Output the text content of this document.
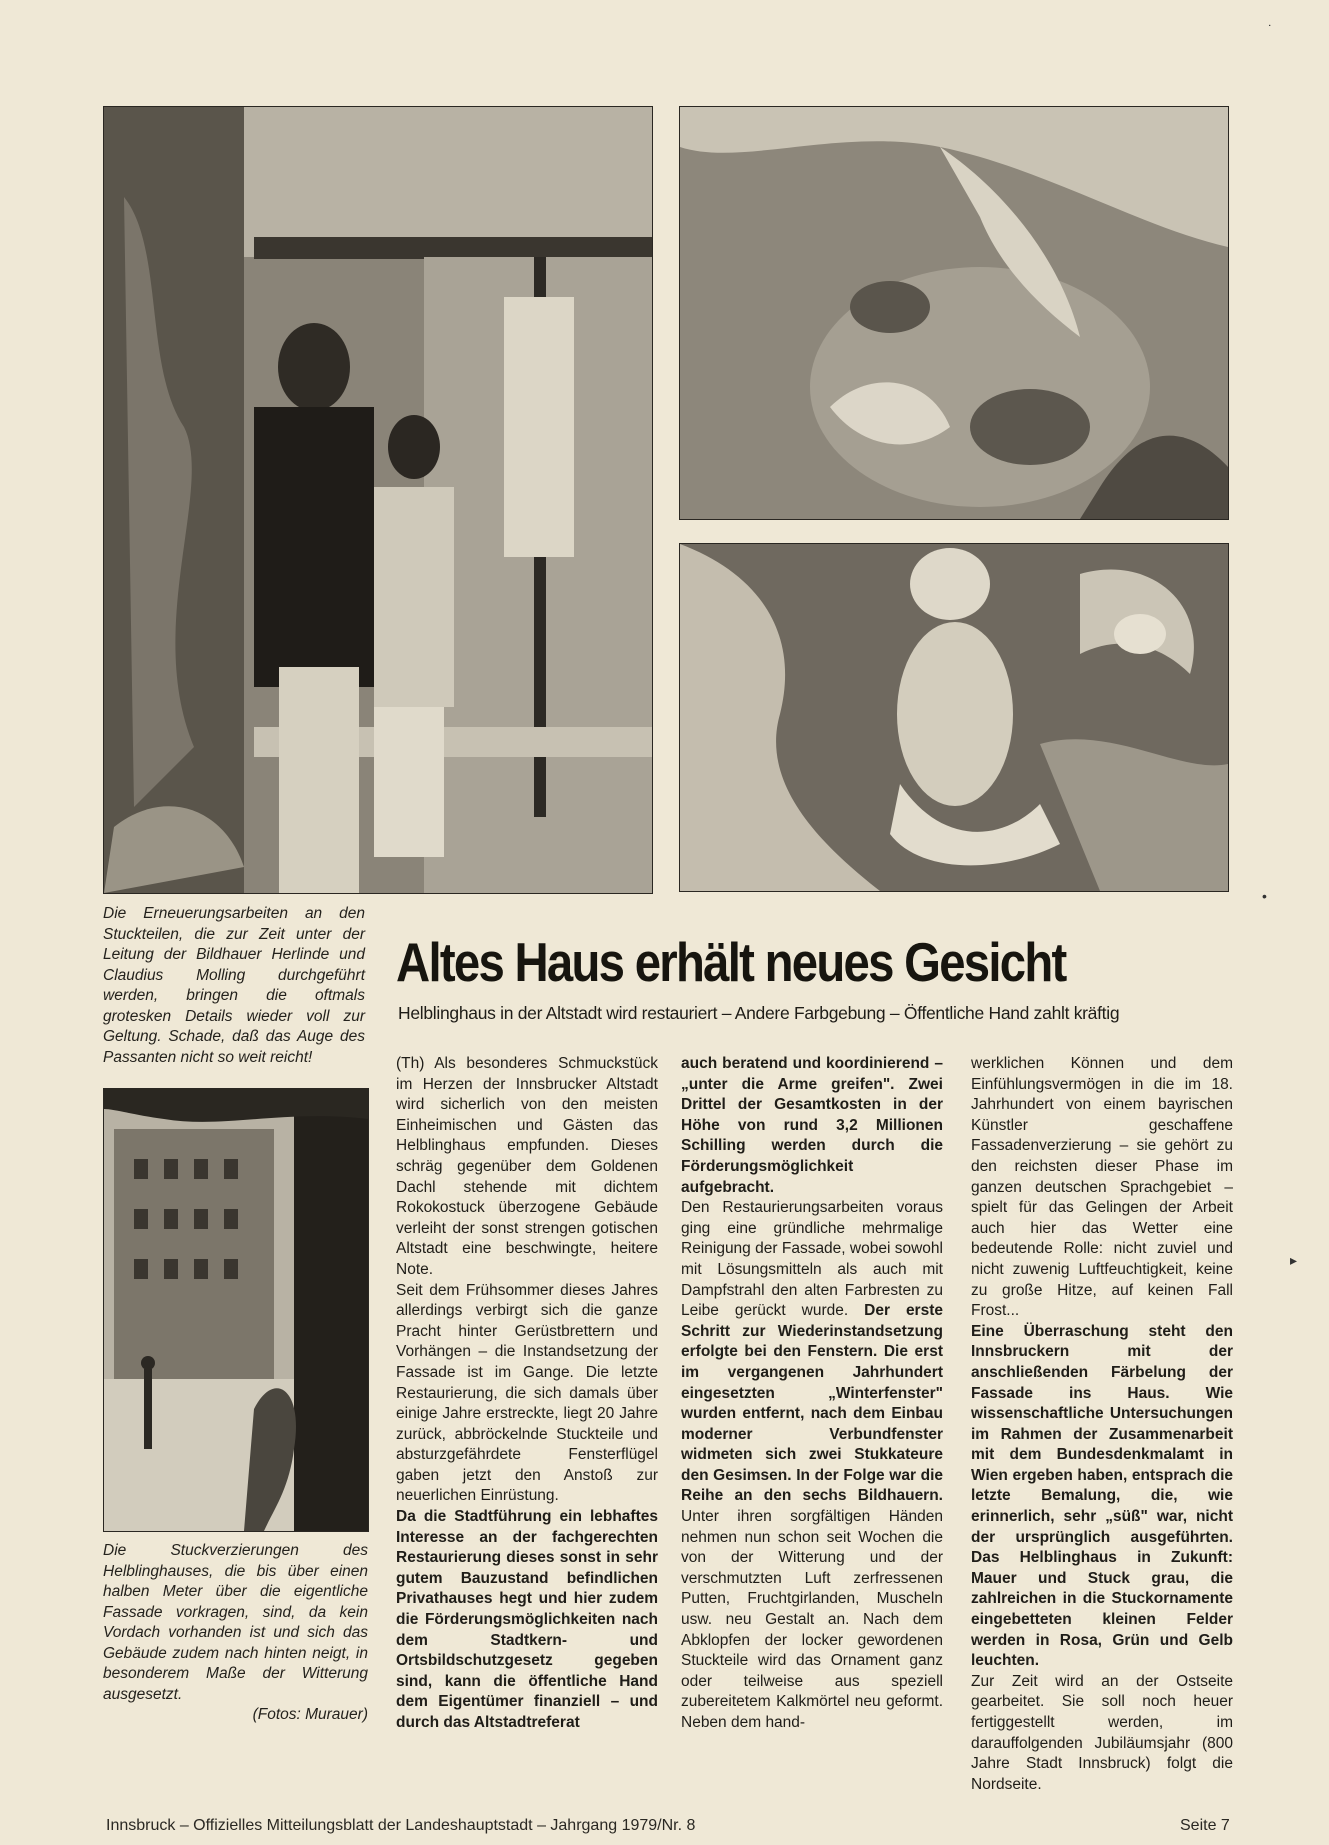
Die Erneuerungsarbeiten an den Stuckteilen, die zur Zeit unter der Leitung der Bildhauer Herlinde und Claudius Molling durchgeführt werden, bringen die oftmals grotesken Details wieder voll zur Geltung. Schade, daß das Auge des Passanten nicht so weit reicht!
Altes Haus erhält neues Gesicht
Helblinghaus in der Altstadt wird restauriert – Andere Farbgebung – Öffentliche Hand zahlt kräftig
Die Stuckverzierungen des Helblinghauses, die bis über einen halben Meter über die eigentliche Fassade vorkragen, sind, da kein Vordach vorhanden ist und sich das Gebäude zudem nach hinten neigt, in besonderem Maße der Witterung ausgesetzt.
(Fotos: Murauer)

(Th) Als besonderes Schmuckstück im Herzen der Innsbrucker Altstadt wird sicherlich von den meisten Einheimischen und Gästen das Helblinghaus empfunden. Dieses schräg gegenüber dem Goldenen Dachl stehende mit dichtem Rokokostuck überzogene Gebäude verleiht der sonst strengen gotischen Altstadt eine beschwingte, heitere Note.

Seit dem Frühsommer dieses Jahres allerdings verbirgt sich die ganze Pracht hinter Gerüstbrettern und Vorhängen – die Instandsetzung der Fassade ist im Gange. Die letzte Restaurierung, die sich damals über einige Jahre erstreckte, liegt 20 Jahre zurück, abbröckelnde Stuckteile und absturzgefährdete Fensterflügel gaben jetzt den Anstoß zur neuerlichen Einrüstung.

Da die Stadtführung ein lebhaftes Interesse an der fachgerechten Restaurierung dieses sonst in sehr gutem Bauzustand befindlichen Privathauses hegt und hier zudem die Förderungsmöglichkeiten nach dem Stadtkern- und Ortsbildschutzgesetz gegeben sind, kann die öffentliche Hand dem Eigentümer finanziell – und durch das Altstadtreferat

auch beratend und koordinierend – „unter die Arme greifen". Zwei Drittel der Gesamtkosten in der Höhe von rund 3,2 Millionen Schilling werden durch die Förderungsmöglichkeit aufgebracht.

Den Restaurierungsarbeiten voraus ging eine gründliche mehrmalige Reinigung der Fassade, wobei sowohl mit Lösungsmitteln als auch mit Dampfstrahl den alten Farbresten zu Leibe gerückt wurde. Der erste Schritt zur Wiederinstandsetzung erfolgte bei den Fenstern. Die erst im vergangenen Jahrhundert eingesetzten „Winterfenster" wurden entfernt, nach dem Einbau moderner Verbundfenster widmeten sich zwei Stukkateure den Gesimsen. In der Folge war die Reihe an den sechs Bildhauern. Unter ihren sorgfältigen Händen nehmen nun schon seit Wochen die von der Witterung und der verschmutzten Luft zerfressenen Putten, Fruchtgirlanden, Muscheln usw. neu Gestalt an. Nach dem Abklopfen der locker gewordenen Stuckteile wird das Ornament ganz oder teilweise aus speziell zubereitetem Kalkmörtel neu geformt. Neben dem hand-

werklichen Können und dem Einfühlungsvermögen in die im 18. Jahrhundert von einem bayrischen Künstler geschaffene Fassadenverzierung – sie gehört zu den reichsten dieser Phase im ganzen deutschen Sprachgebiet – spielt für das Gelingen der Arbeit auch hier das Wetter eine bedeutende Rolle: nicht zuviel und nicht zuwenig Luftfeuchtigkeit, keine zu große Hitze, auf keinen Fall Frost...

Eine Überraschung steht den Innsbruckern mit der anschließenden Färbelung der Fassade ins Haus. Wie wissenschaftliche Untersuchungen im Rahmen der Zusammenarbeit mit dem Bundesdenkmalamt in Wien ergeben haben, entsprach die letzte Bemalung, die, wie erinnerlich, sehr „süß" war, nicht der ursprünglich ausgeführten. Das Helblinghaus in Zukunft: Mauer und Stuck grau, die zahlreichen in die Stuckornamente eingebetteten kleinen Felder werden in Rosa, Grün und Gelb leuchten.

Zur Zeit wird an der Ostseite gearbeitet. Sie soll noch heuer fertiggestellt werden, im darauffolgenden Jubiläumsjahr (800 Jahre Stadt Innsbruck) folgt die Nordseite.

Innsbruck – Offizielles Mitteilungsblatt der Landeshauptstadt – Jahrgang 1979/Nr. 8	Seite 7
˙
▸
•
